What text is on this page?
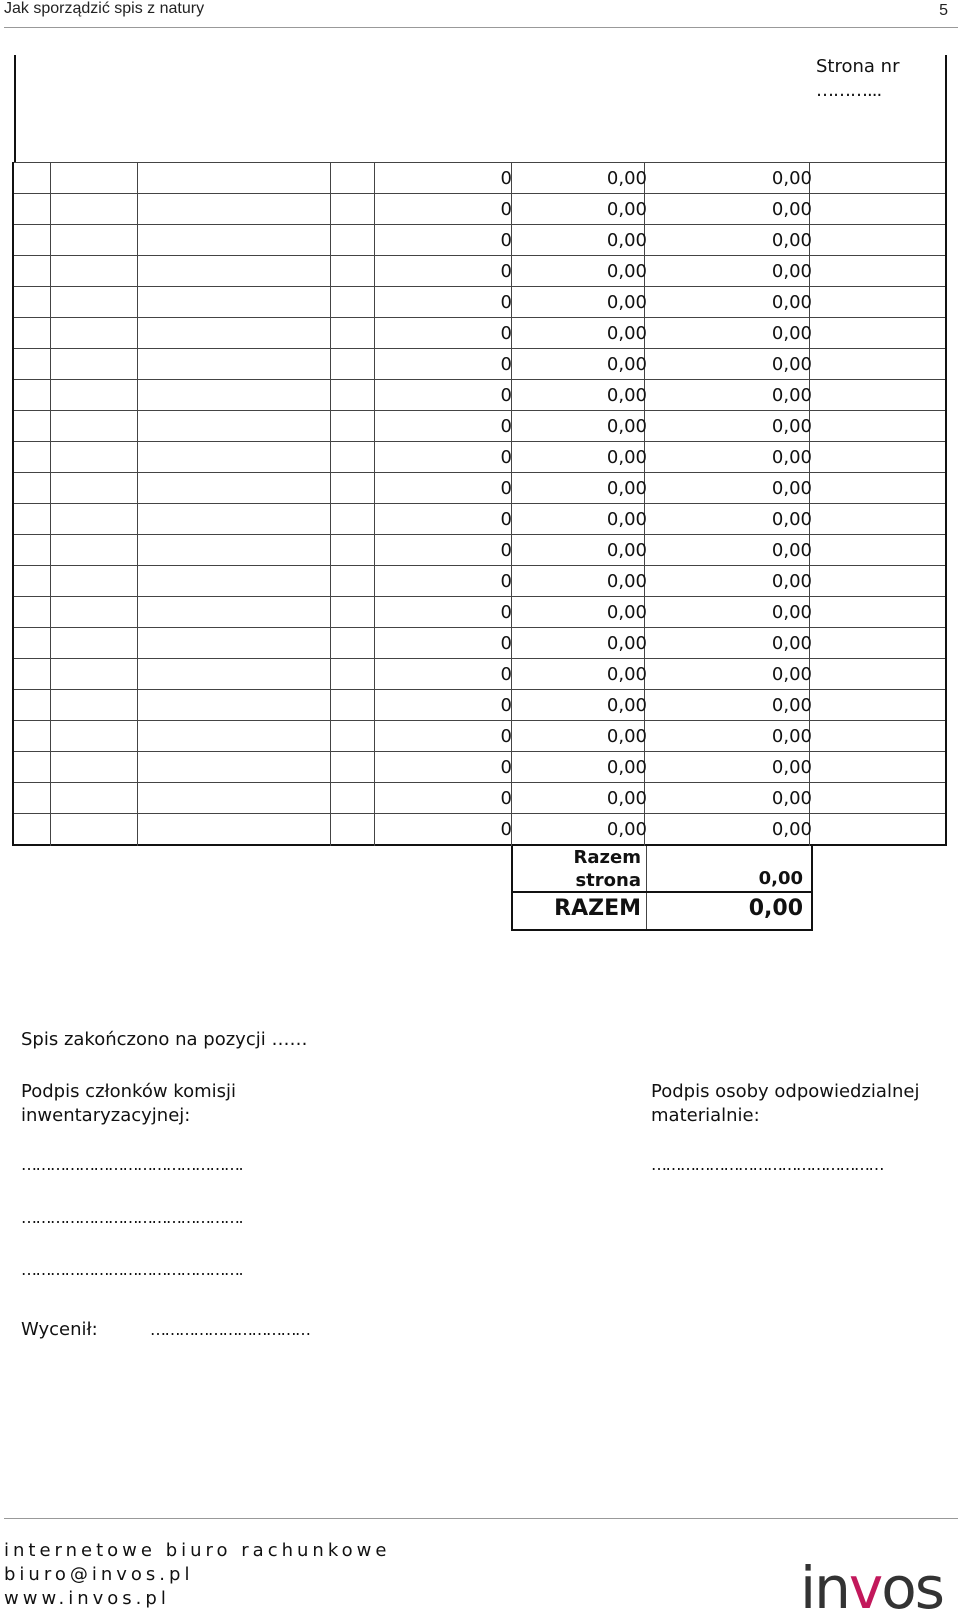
Jak sporządzić spis z natury	5
Strona nr
………...
0	0,00	0,00
0	0,00	0,00
0	0,00	0,00
0	0,00	0,00
0	0,00	0,00
0	0,00	0,00
0	0,00	0,00
0	0,00	0,00
0	0,00	0,00
0	0,00	0,00
0	0,00	0,00
0	0,00	0,00
0	0,00	0,00
0	0,00	0,00
0	0,00	0,00
0	0,00	0,00
0	0,00	0,00
0	0,00	0,00
0	0,00	0,00
0	0,00	0,00
0	0,00	0,00
0	0,00	0,00
Razem
strona	0,00
RAZEM	0,00
Spis zakończono na pozycji ……
Podpis członków komisji
inwentaryzacyjnej:
Podpis osoby odpowiedzialnej
materialnie:
……………………………………….
……………………………………….
……………………………………….
…………………………………………
Wycenił:	……………………………
internetowe biuro rachunkowe
biuro@invos.pl
www.invos.pl	invos
